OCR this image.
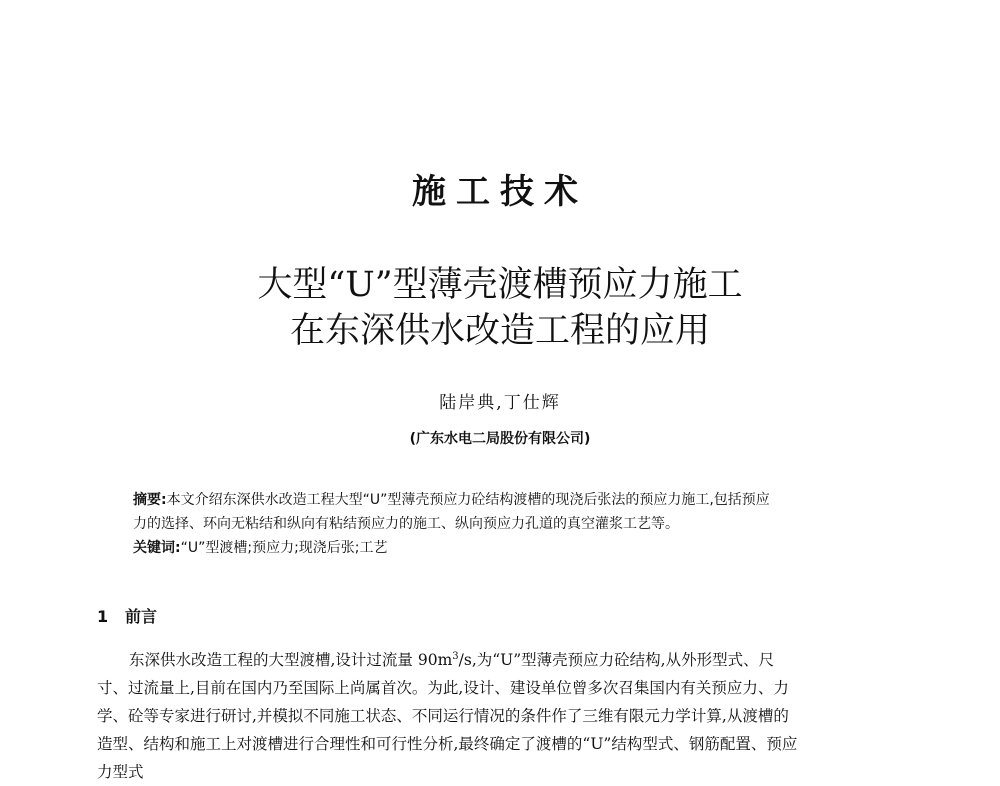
施工技术
大型“U”型薄壳渡槽预应力施工
在东深供水改造工程的应用
陆岸典,丁仕辉
(广东水电二局股份有限公司)
摘要:本文介绍东深供水改造工程大型“U”型薄壳预应力砼结构渡槽的现浇后张法的预应力施工,包括预应
力的选择、环向无粘结和纵向有粘结预应力的施工、纵向预应力孔道的真空灌浆工艺等。
关键词:“U”型渡槽;预应力;现浇后张;工艺
1 前言
东深供水改造工程的大型渡槽,设计过流量 $90m^3/s$,为“U”型薄壳预应力砼结构,从外形型式、尺
寸、过流量上,目前在国内乃至国际上尚属首次。为此,设计、建设单位曾多次召集国内有关预应力、力
学、砼等专家进行研讨,并模拟不同施工状态、不同运行情况的条件作了三维有限元力学计算,从渡槽的
造型、结构和施工上对渡槽进行合理性和可行性分析,最终确定了渡槽的“U”结构型式、钢筋配置、预应
力型式
